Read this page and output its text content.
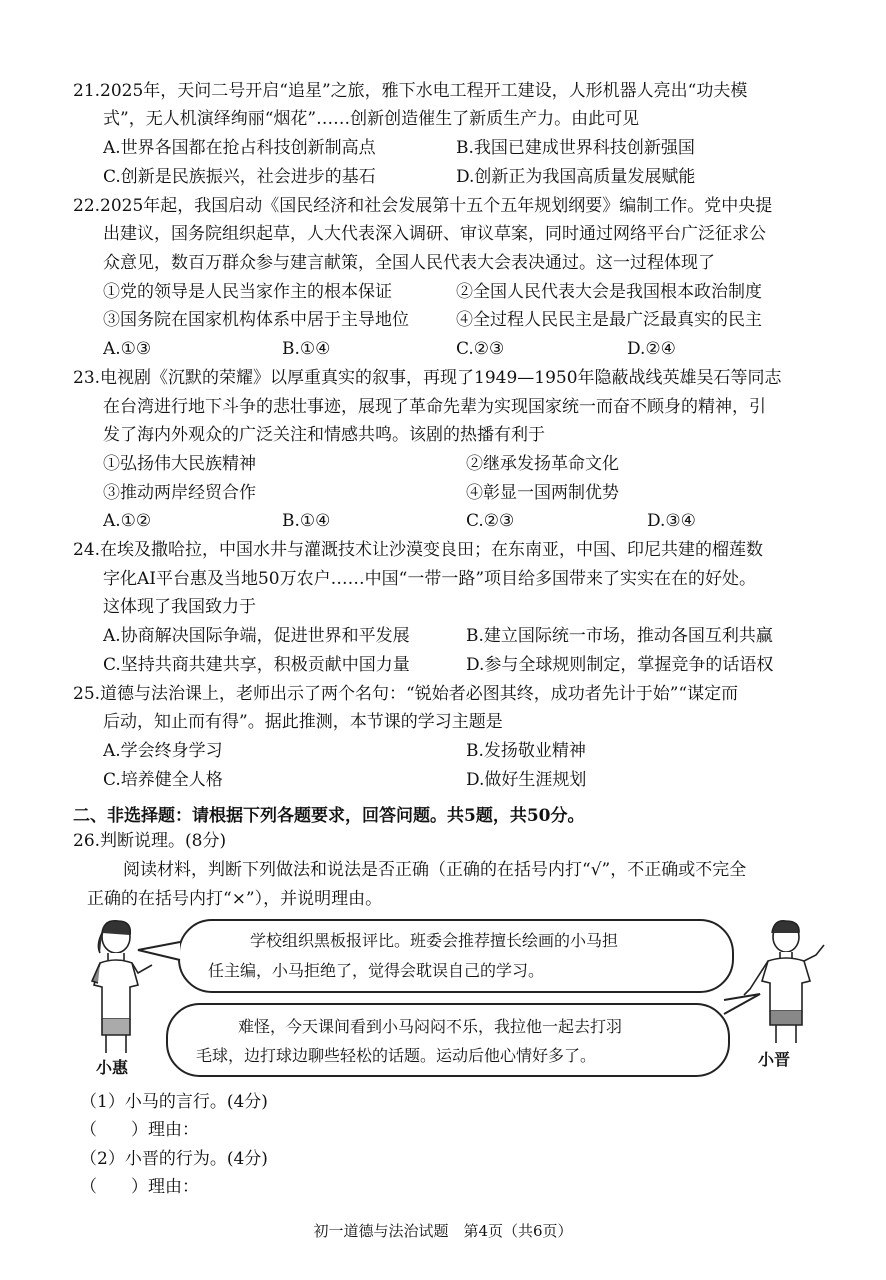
21.2025年，天问二号开启“追星”之旅，雅下水电工程开工建设，人形机器人亮出“功夫模
式”，无人机演绎绚丽“烟花”……创新创造催生了新质生产力。由此可见
A.世界各国都在抢占科技创新制高点	B.我国已建成世界科技创新强国
C.创新是民族振兴，社会进步的基石	D.创新正为我国高质量发展赋能
22.2025年起，我国启动《国民经济和社会发展第十五个五年规划纲要》编制工作。党中央提
出建议，国务院组织起草，人大代表深入调研、审议草案，同时通过网络平台广泛征求公
众意见，数百万群众参与建言献策，全国人民代表大会表决通过。这一过程体现了
①党的领导是人民当家作主的根本保证	②全国人民代表大会是我国根本政治制度
③国务院在国家机构体系中居于主导地位	④全过程人民民主是最广泛最真实的民主
A.①③	B.①④	C.②③	D.②④
23.电视剧《沉默的荣耀》以厚重真实的叙事，再现了1949—1950年隐蔽战线英雄吴石等同志
在台湾进行地下斗争的悲壮事迹，展现了革命先辈为实现国家统一而奋不顾身的精神，引
发了海内外观众的广泛关注和情感共鸣。该剧的热播有利于
①弘扬伟大民族精神	②继承发扬革命文化
③推动两岸经贸合作	④彰显一国两制优势
A.①②	B.①④	C.②③	D.③④
24.在埃及撒哈拉，中国水井与灌溉技术让沙漠变良田；在东南亚，中国、印尼共建的榴莲数
字化AI平台惠及当地50万农户……中国“一带一路”项目给多国带来了实实在在的好处。
这体现了我国致力于
A.协商解决国际争端，促进世界和平发展	B.建立国际统一市场，推动各国互利共赢
C.坚持共商共建共享，积极贡献中国力量	D.参与全球规则制定，掌握竞争的话语权
25.道德与法治课上，老师出示了两个名句：“锐始者必图其终，成功者先计于始”“谋定而
后动，知止而有得”。据此推测，本节课的学习主题是
A.学会终身学习	B.发扬敬业精神
C.培养健全人格	D.做好生涯规划
二、非选择题：请根据下列各题要求，回答问题。共5题，共50分。
26.判断说理。(8分)
阅读材料，判断下列做法和说法是否正确（正确的在括号内打“√”，不正确或不完全
正确的在括号内打“×”），并说明理由。
小惠	小晋
学校组织黑板报评比。班委会推荐擅长绘画的小马担
任主编，小马拒绝了，觉得会耽误自己的学习。
难怪，今天课间看到小马闷闷不乐，我拉他一起去打羽
毛球，边打球边聊些轻松的话题。运动后他心情好多了。
（1）小马的言行。(4分)
（　　）理由：
（2）小晋的行为。(4分)
（　　）理由：
初一道德与法治试题　第4页（共6页）
